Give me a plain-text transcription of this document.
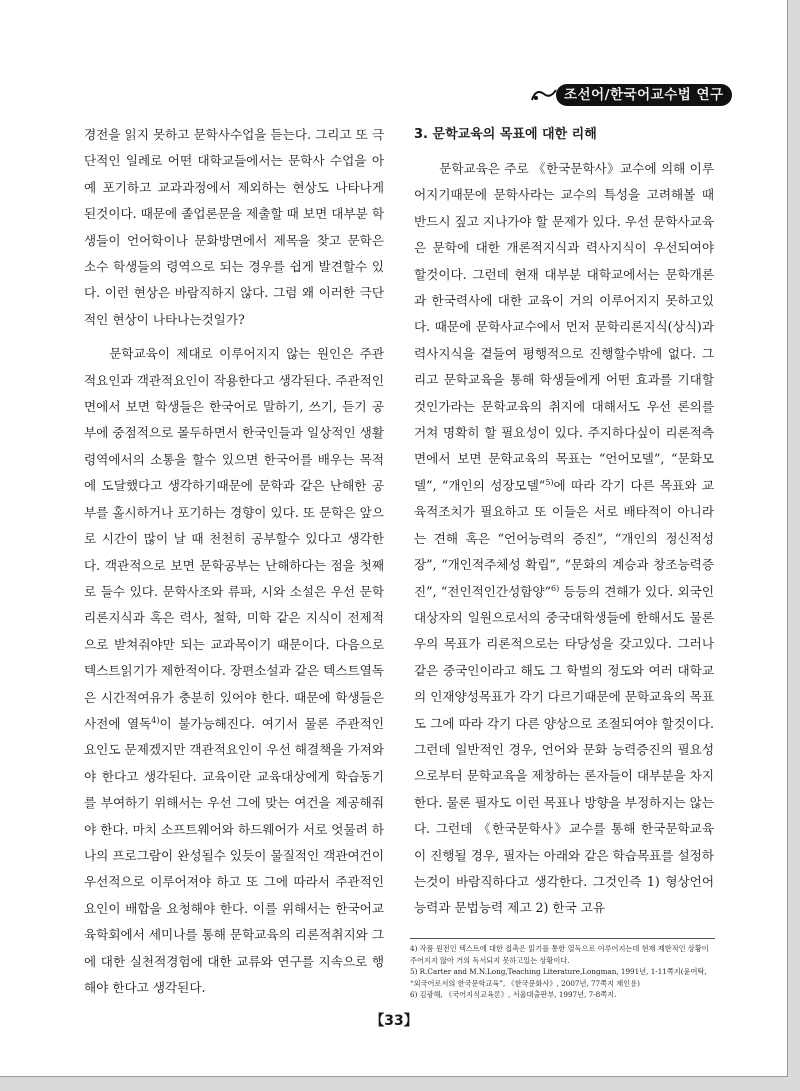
조선어/한국어교수법 연구

경전을 읽지 못하고 문학사수업을 듣는다. 그리고 또 극단적인 일례로 어떤 대학교들에서는 문학사 수업을 아예 포기하고 교과과정에서 제외하는 현상도 나타나게 된것이다. 때문에 졸업론문을 제출할 때 보면 대부분 학생들이 언어학이나 문화방면에서 제목을 찾고 문학은 소수 학생들의 령역으로 되는 경우를 쉽게 발견할수 있다. 이런 현상은 바람직하지 않다. 그럼 왜 이러한 극단적인 현상이 나타나는것일가?

문학교육이 제대로 이루어지지 않는 원인은 주관적요인과 객관적요인이 작용한다고 생각된다. 주관적인 면에서 보면 학생들은 한국어로 말하기, 쓰기, 듣기 공부에 중점적으로 몰두하면서 한국인들과 일상적인 생활령역에서의 소통을 할수 있으면 한국어를 배우는 목적에 도달했다고 생각하기때문에 문학과 같은 난해한 공부를 홀시하거나 포기하는 경향이 있다. 또 문학은 앞으로 시간이 많이 날 때 천천히 공부할수 있다고 생각한다. 객관적으로 보면 문학공부는 난해하다는 점을 첫째로 들수 있다. 문학사조와 류파, 시와 소설은 우선 문학리론지식과 혹은 력사, 철학, 미학 같은 지식이 전제적으로 받쳐줘야만 되는 교과목이기 때문이다. 다음으로 텍스트읽기가 제한적이다. 장편소설과 같은 텍스트열독은 시간적여유가 충분히 있어야 한다. 때문에 학생들은 사전에 열독$^{4)}$이 불가능해진다. 여기서 물론 주관적인 요인도 문제겠지만 객관적요인이 우선 해결책을 가져와야 한다고 생각된다. 교육이란 교육대상에게 학습동기를 부여하기 위해서는 우선 그에 맞는 여건을 제공해줘야 한다. 마치 소프트웨어와 하드웨어가 서로 엇물려 하나의 프로그람이 완성될수 있듯이 물질적인 객관여건이 우선적으로 이루어져야 하고 또 그에 따라서 주관적인 요인이 배합을 요청해야 한다. 이를 위해서는 한국어교육학회에서 세미나를 통해 문학교육의 리론적취지와 그에 대한 실천적경험에 대한 교류와 연구를 지속으로 행해야 한다고 생각된다.

3. 문학교육의 목표에 대한 리해

문학교육은 주로 《한국문학사》교수에 의해 이루어지기때문에 문학사라는 교수의 특성을 고려해볼 때 반드시 짚고 지나가야 할 문제가 있다. 우선 문학사교육은 문학에 대한 개론적지식과 력사지식이 우선되여야 할것이다. 그런데 현재 대부분 대학교에서는 문학개론과 한국력사에 대한 교육이 거의 이루어지지 못하고있다. 때문에 문학사교수에서 먼저 문학리론지식(상식)과 력사지식을 곁들여 평행적으로 진행할수밖에 없다. 그리고 문학교육을 통해 학생들에게 어떤 효과를 기대할것인가라는 문학교육의 취지에 대해서도 우선 론의를 거쳐 명확히 할 필요성이 있다. 주지하다싶이 리론적측면에서 보면 문학교육의 목표는 “언어모델”, “문화모델”, “개인의 성장모델”$^{5)}$에 따라 각기 다른 목표와 교육적조치가 필요하고 또 이들은 서로 배타적이 아니라는 견해 혹은 “언어능력의 증진”, “개인의 정신적성장”, “개인적주체성 확립”, “문화의 계승과 창조능력증진”, “전인적인간성함양”$^{6)}$ 등등의 견해가 있다. 외국인 대상자의 일원으로서의 중국대학생들에 한해서도 물론 우의 목표가 리론적으로는 타당성을 갖고있다. 그러나 같은 중국인이라고 해도 그 학벌의 정도와 여러 대학교의 인재양성목표가 각기 다르기때문에 문학교육의 목표도 그에 따라 각기 다른 양상으로 조절되여야 할것이다. 그런데 일반적인 경우, 언어와 문화 능력증진의 필요성으로부터 문학교육을 제창하는 론자들이 대부분을 차지한다. 물론 필자도 이런 목표나 방향을 부정하지는 않는다. 그런데 《한국문학사》교수를 통해 한국문학교육이 진행될 경우, 필자는 아래와 같은 학습목표를 설정하는것이 바람직하다고 생각한다. 그것인즉 1) 형상언어능력과 문법능력 제고 2) 한국 고유

4) 작품 원전인 텍스트에 대한 접촉은 읽기를 통한 열독으로 이루어지는데 현재 제한적인 상황이 주어지지 않아 거의 독서되지 못하고있는 상황이다.
5) R.Carter and M.N.Long,Teaching Literature,Longman, 1991년, 1-11쪽지(윤여탁, “외국어로서의 한국문학교육”, 《한국문화사》, 2007년, 77쪽지 재인용)
6) 김광해, 《국어지식교육론》, 서울대출판부, 1997년, 7-8쪽지.
【33】
